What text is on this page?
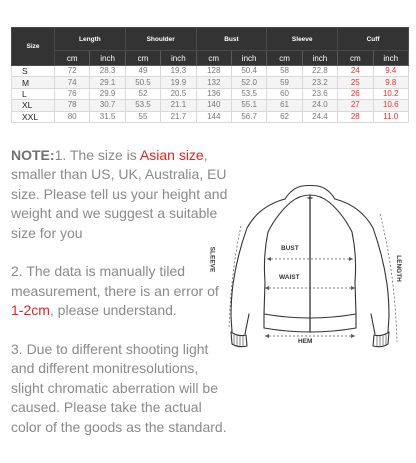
Size	Length		Shoulder		Bust		Sleeve		Cuff	
	cm	inch	cm	inch	cm	inch	cm	inch	cm	inch
S	72	28.3	49	19.3	128	50.4	58	22.8	24	9.4
M	74	29.1	50.5	19.9	132	52.0	59	23.2	25	9.8
L	76	29.9	52	20.5	136	53.5	60	23.6	26	10.2
XL	78	30.7	53.5	21.1	140	55.1	61	24.0	27	10.6
XXL	80	31.5	55	21.7	144	56.7	62	24.4	28	11.0

NOTE:1. The size is Asian size, smaller than US, UK, Australia, EU size. Please tell us your height and weight and we suggest a suitable size for you

2. The data is manually tiled measurement, there is an error of 1-2cm, please understand.

3. Due to different shooting light and different monitresolutions, slight chromatic aberration will be caused. Please take the actual color of the goods as the standard.

BUST
WAIST
HEM
SLEEVE	LENGTH
